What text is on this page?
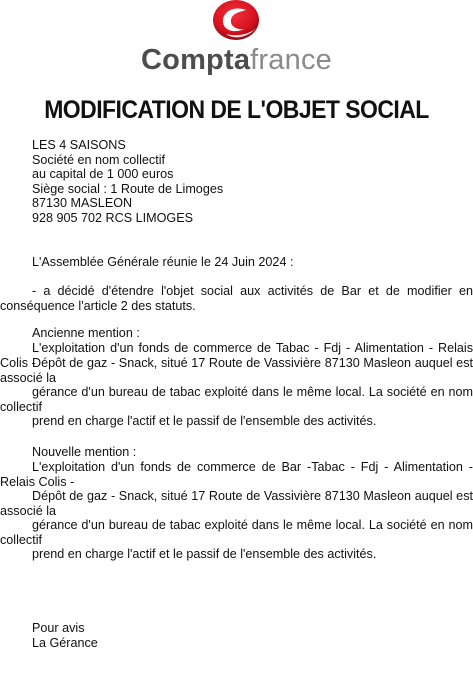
Comptafrance
MODIFICATION DE L'OBJET SOCIAL
LES 4 SAISONS
Société en nom collectif
au capital de 1 000 euros
Siège social : 1 Route de Limoges
87130 MASLEON
928 905 702 RCS LIMOGES
L'Assemblée Générale réunie le 24 Juin 2024 :
- a décidé d'étendre l'objet social aux activités de Bar et de modifier en conséquence l'article 2 des statuts.
Ancienne mention :
L'exploitation d'un fonds de commerce de Tabac - Fdj - Alimentation - Relais Colis -
Dépôt de gaz - Snack, situé 17 Route de Vassivière 87130 Masleon auquel est associé la
gérance d'un bureau de tabac exploité dans le même local. La société en nom collectif
prend en charge l'actif et le passif de l'ensemble des activités.
Nouvelle mention :
L'exploitation d'un fonds de commerce de Bar -Tabac - Fdj - Alimentation - Relais Colis -
Dépôt de gaz - Snack, situé 17 Route de Vassivière 87130 Masleon auquel est associé la
gérance d'un bureau de tabac exploité dans le même local. La société en nom collectif
prend en charge l'actif et le passif de l'ensemble des activités.
Pour avis
La Gérance
